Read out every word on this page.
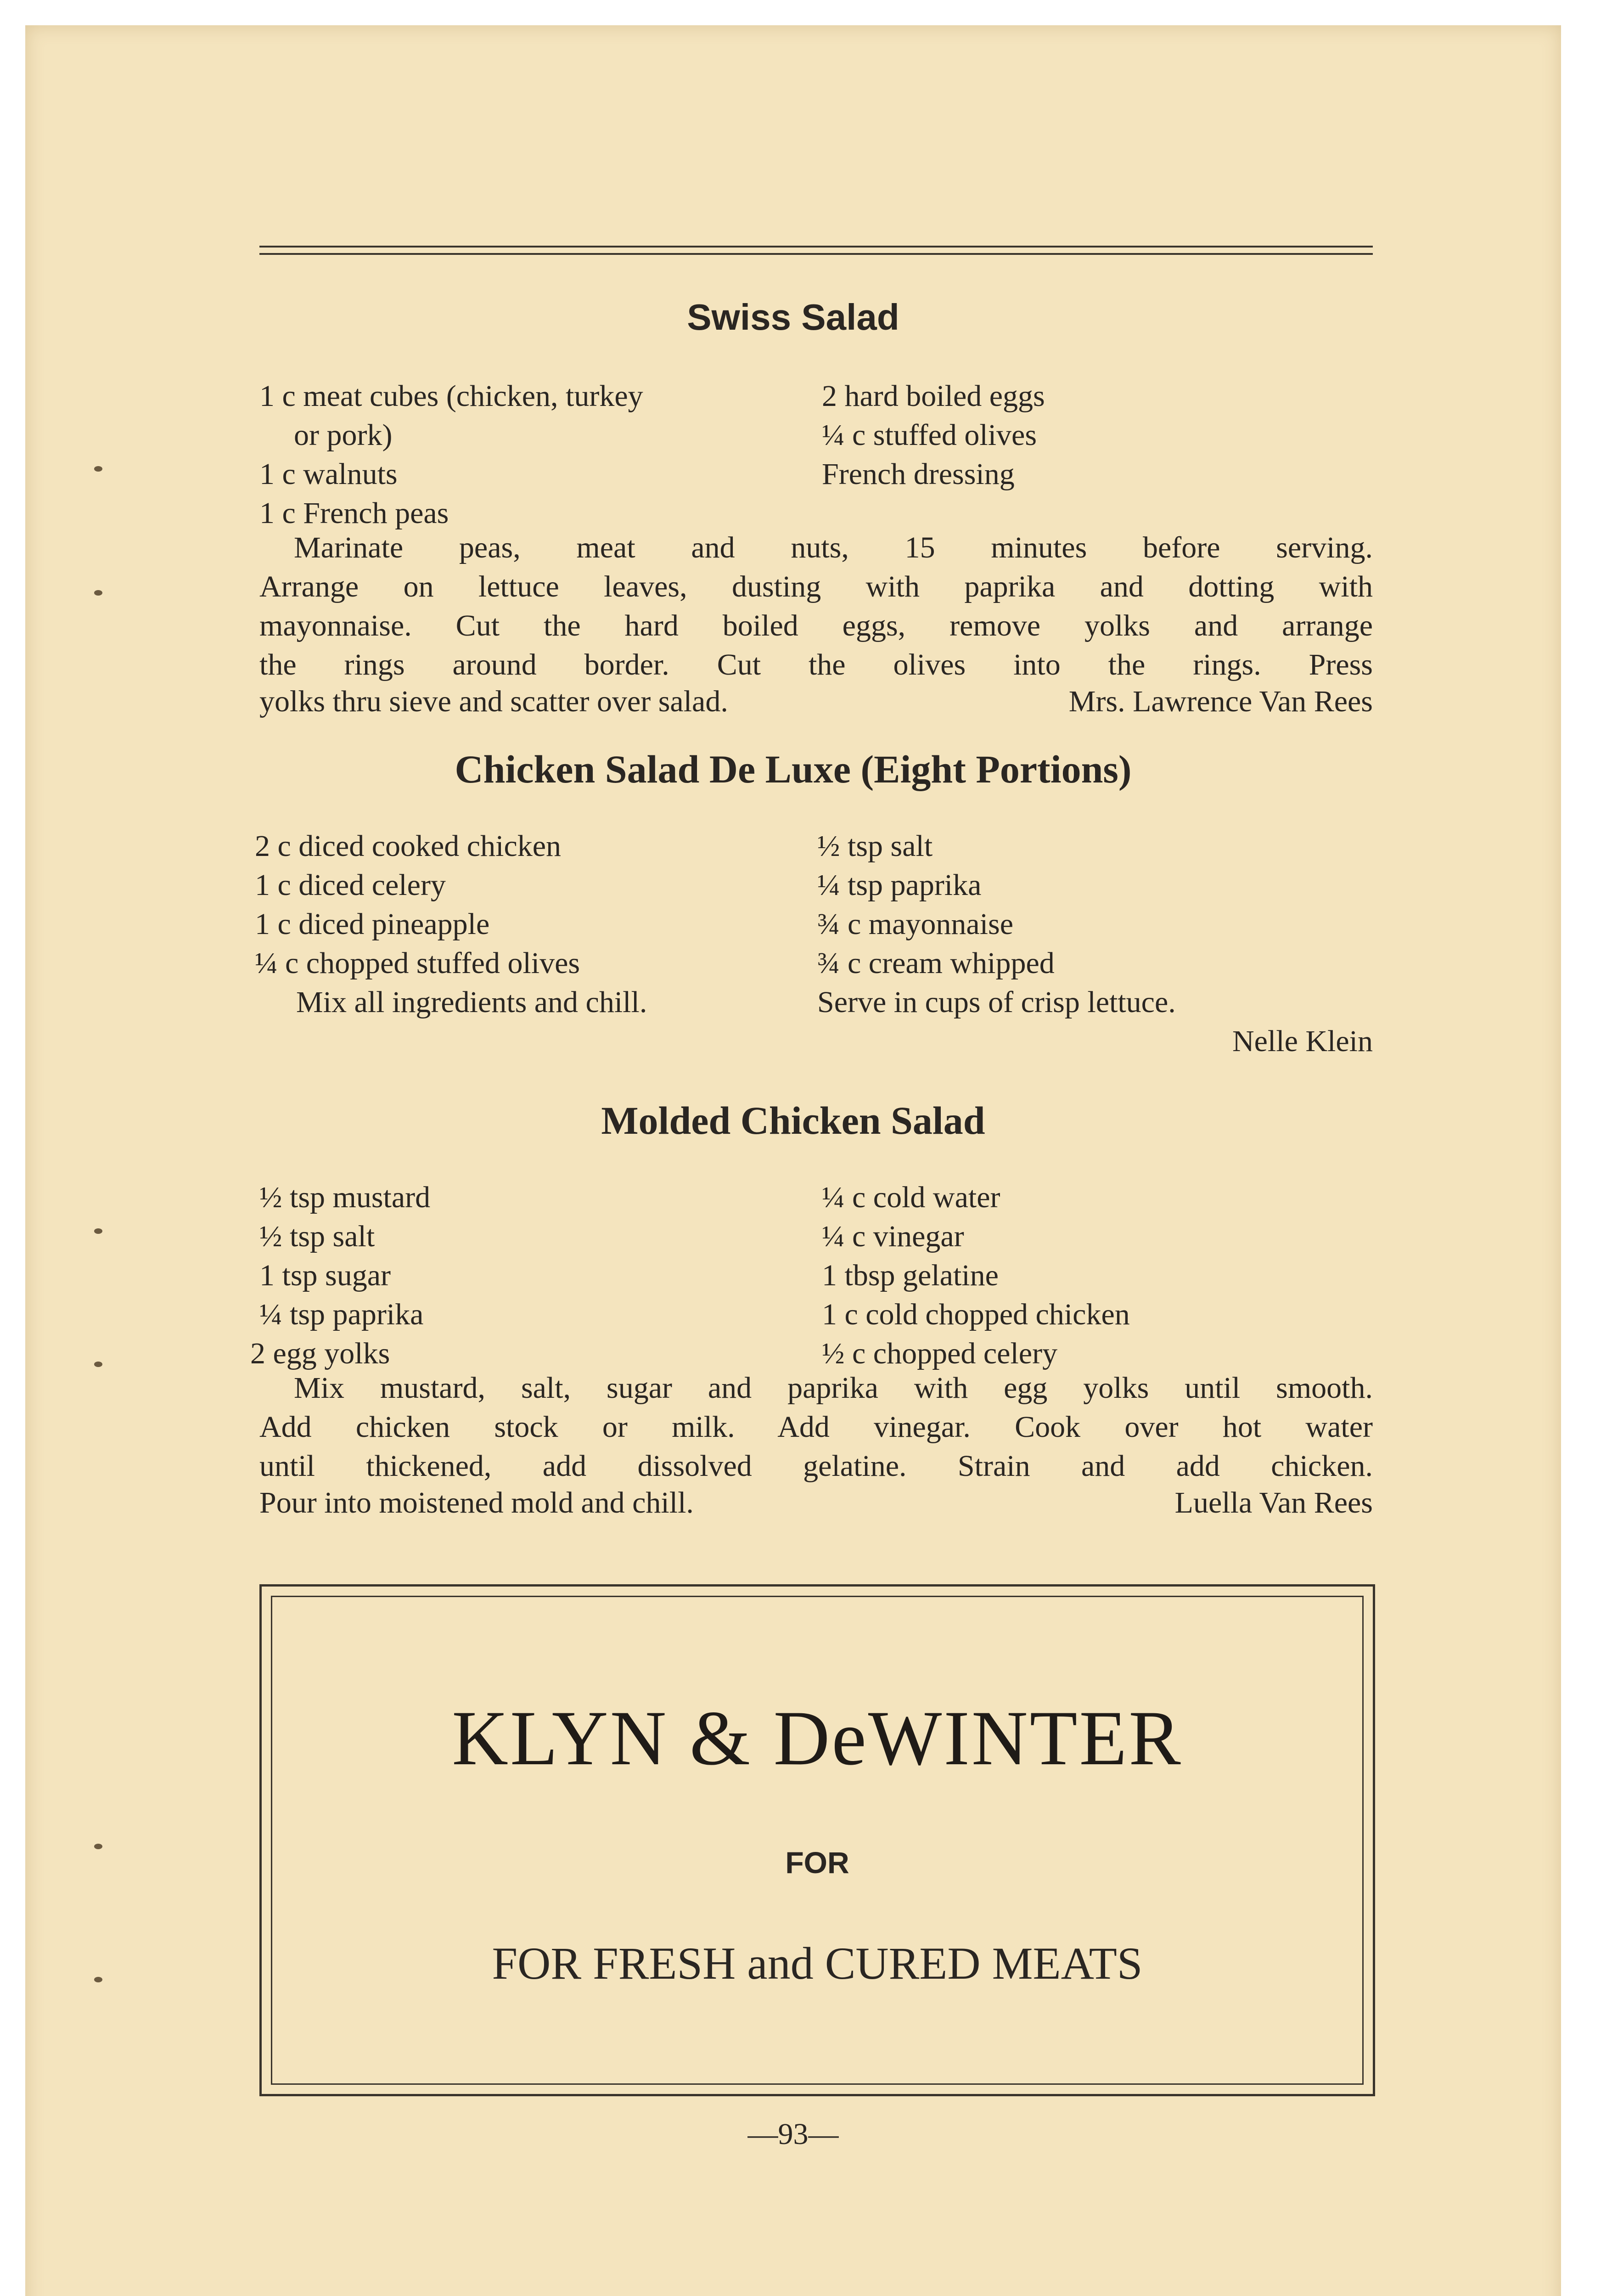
Swiss Salad
1 c meat cubes (chicken, turkey
or pork)
1 c walnuts
1 c French peas
2 hard boiled eggs
¼ c stuffed olives
French dressing
Marinate peas, meat and nuts, 15 minutes before serving.
Arrange on lettuce leaves, dusting with paprika and dotting with
mayonnaise. Cut the hard boiled eggs, remove yolks and arrange
the rings around border. Cut the olives into the rings. Press
yolks thru sieve and scatter over salad.	Mrs. Lawrence Van Rees
Chicken Salad De Luxe (Eight Portions)
2 c diced cooked chicken
1 c diced celery
1 c diced pineapple
¼ c chopped stuffed olives
½ tsp salt
¼ tsp paprika
¾ c mayonnaise
¾ c cream whipped
Mix all ingredients and chill.	Serve in cups of crisp lettuce.
Nelle Klein
Molded Chicken Salad
½ tsp mustard
½ tsp salt
1 tsp sugar
¼ tsp paprika
2 egg yolks
¼ c cold water
¼ c vinegar
1 tbsp gelatine
1 c cold chopped chicken
½ c chopped celery
Mix mustard, salt, sugar and paprika with egg yolks until smooth.
Add chicken stock or milk. Add vinegar. Cook over hot water
until thickened, add dissolved gelatine. Strain and add chicken.
Pour into moistened mold and chill.	Luella Van Rees
KLYN & DeWINTER
FOR
FOR FRESH and CURED MEATS
—93—
